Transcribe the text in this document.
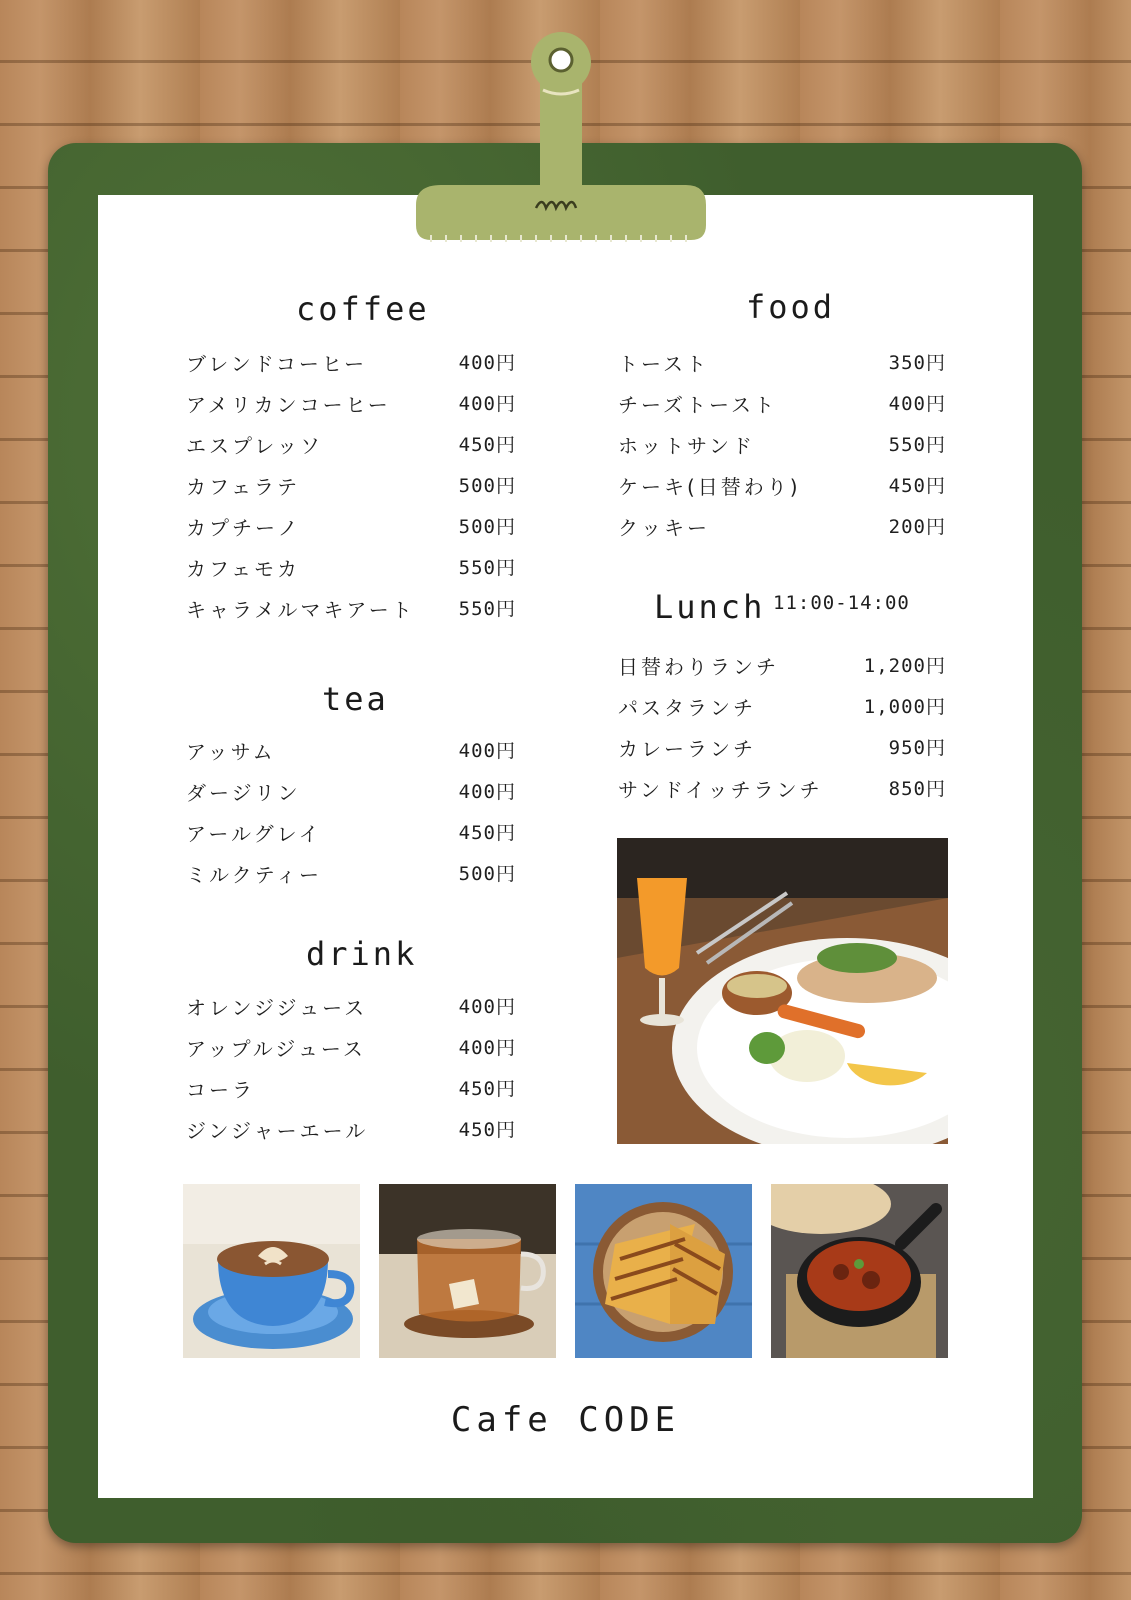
coffee
ブレンドコーヒー	400円
アメリカンコーヒー	400円
エスプレッソ	450円
カフェラテ	500円
カプチーノ	500円
カフェモカ	550円
キャラメルマキアート 550円
tea
アッサム	400円
ダージリン	400円
アールグレイ	450円
ミルクティー	500円
drink
オレンジジュース	400円
アップルジュース	400円
コーラ	450円
ジンジャーエール	450円
food
トースト	350円
チーズトースト	400円
ホットサンド	550円
ケーキ(日替わり)	450円
クッキー	200円
Lunch 11:00-14:00
日替わりランチ	1,200円
パスタランチ	1,000円
カレーランチ	950円
サンドイッチランチ	850円
Cafe CODE
